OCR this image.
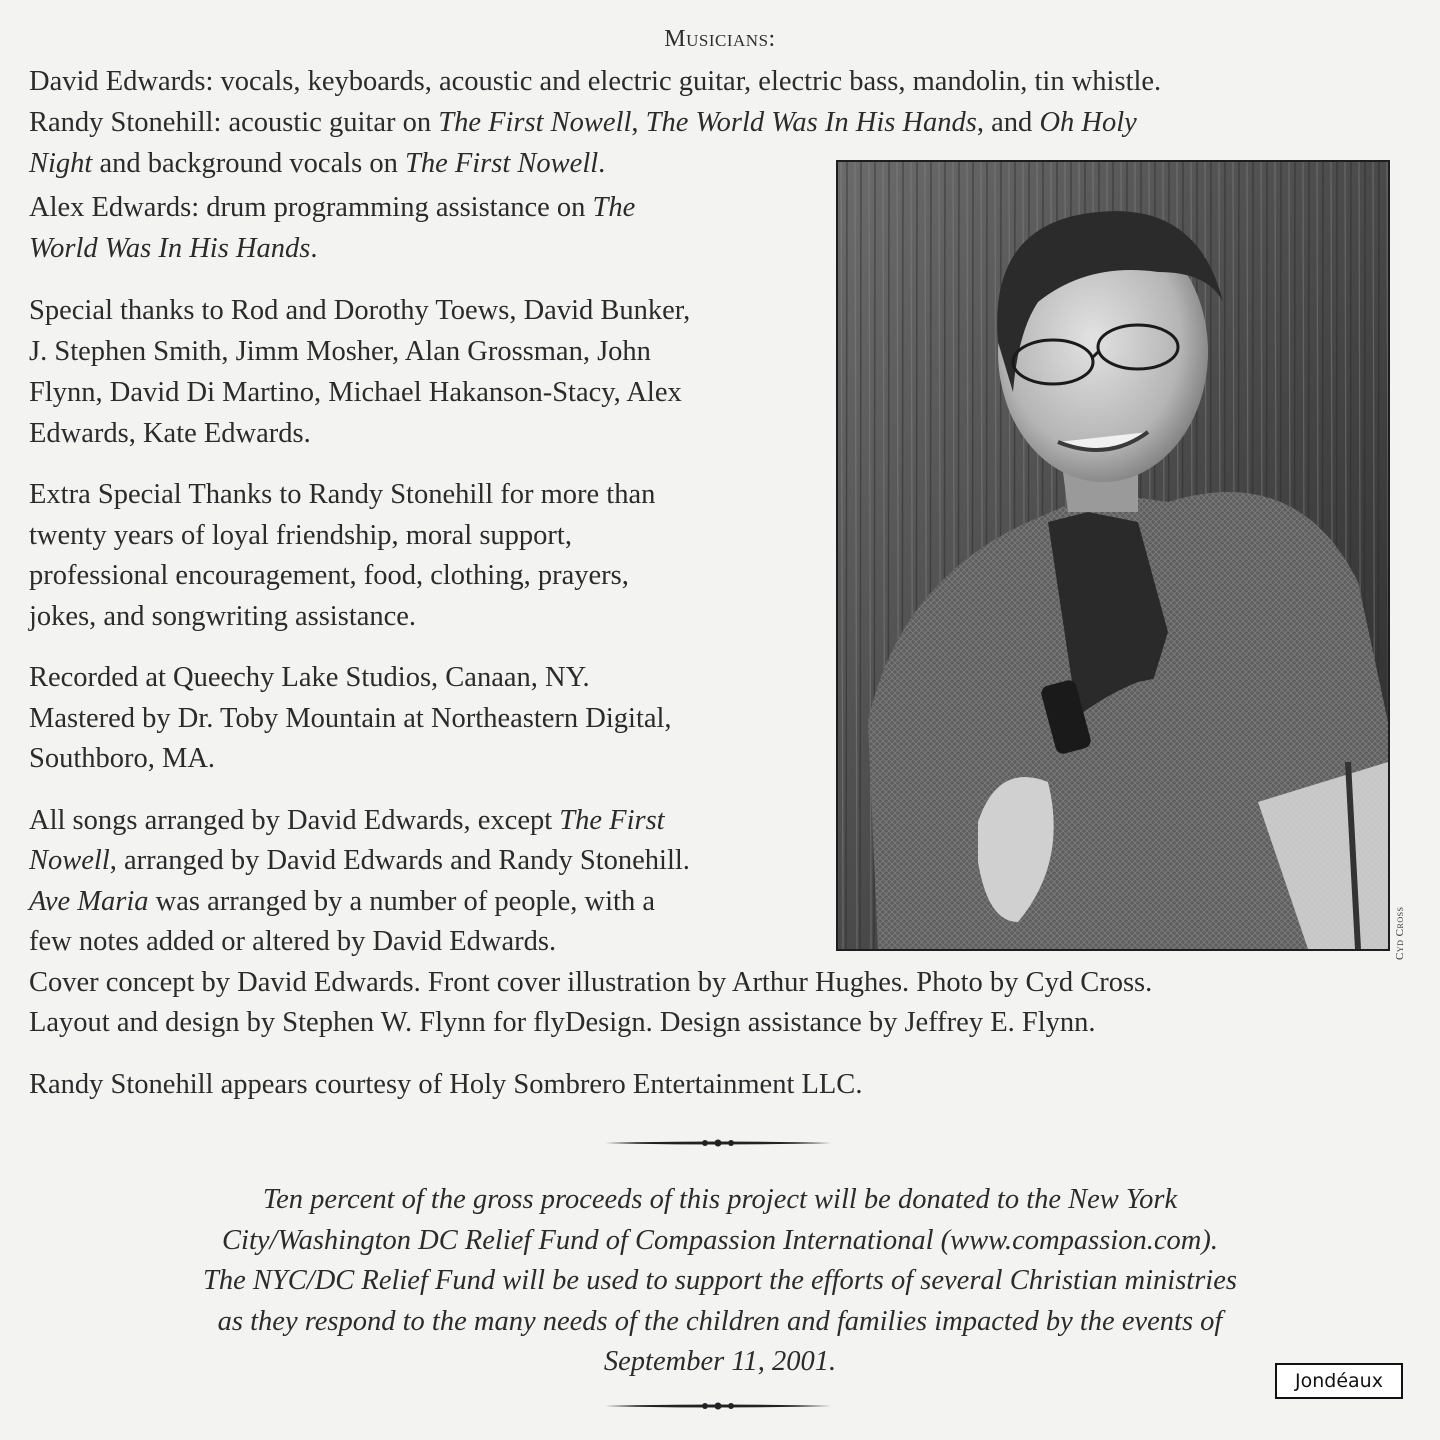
Musicians:
David Edwards: vocals, keyboards, acoustic and electric guitar, electric bass, mandolin, tin whistle.
Randy Stonehill: acoustic guitar on The First Nowell, The World Was In His Hands, and Oh Holy
Night and background vocals on The First Nowell.
Alex Edwards: drum programming assistance on The
World Was In His Hands.
Special thanks to Rod and Dorothy Toews, David Bunker,
J. Stephen Smith, Jimm Mosher, Alan Grossman, John
Flynn, David Di Martino, Michael Hakanson-Stacy, Alex
Edwards, Kate Edwards.
Extra Special Thanks to Randy Stonehill for more than
twenty years of loyal friendship, moral support,
professional encouragement, food, clothing, prayers,
jokes, and songwriting assistance.
Recorded at Queechy Lake Studios, Canaan, NY.
Mastered by Dr. Toby Mountain at Northeastern Digital,
Southboro, MA.
All songs arranged by David Edwards, except The First
Nowell, arranged by David Edwards and Randy Stonehill.
Ave Maria was arranged by a number of people, with a
few notes added or altered by David Edwards.
Cover concept by David Edwards. Front cover illustration by Arthur Hughes. Photo by Cyd Cross.
Layout and design by Stephen W. Flynn for flyDesign. Design assistance by Jeffrey E. Flynn.
Randy Stonehill appears courtesy of Holy Sombrero Entertainment LLC.
Cyd Cross
Ten percent of the gross proceeds of this project will be donated to the New York
City/Washington DC Relief Fund of Compassion International (www.compassion.com).
The NYC/DC Relief Fund will be used to support the efforts of several Christian ministries
as they respond to the many needs of the children and families impacted by the events of
September 11, 2001.
Jondéaux
